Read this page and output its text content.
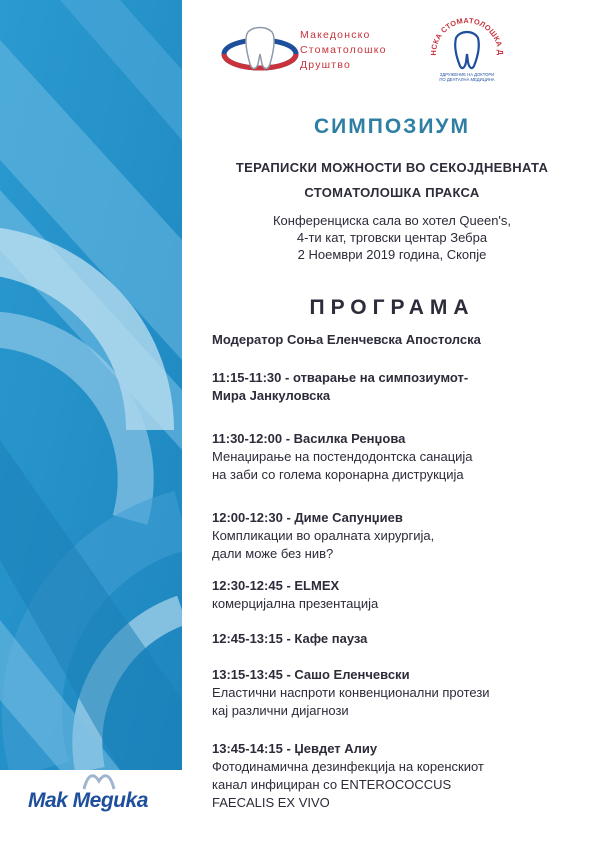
Mak Meguka
Македонско
Стоматолошко
Друштво
НСКА СТОМАТОЛОШКА Д
ЗДРУЖЕНИЕ НА ДОКТОРИ
ПО ДЕНТАЛНА МЕДИЦИНА
СИМПОЗИУМ
ТЕРАПИСКИ МОЖНОСТИ ВО СЕКОЈДНЕВНАТА
СТОМАТОЛОШКА ПРАКСА
Конференциска сала во хотел Queen's,
4-ти кат, трговски центар Зебра
2 Ноември 2019 година, Скопје
ПРОГРАМА
Модератор Соња Еленчевска Апостолска
11:15-11:30 - отварање на симпозиумот-
Мира Јанкуловска
11:30-12:00 - Василка Ренџова
Менаџирање на постендодонтска санација
на заби со голема коронарна диструкција
12:00-12:30 - Диме Сапунџиев
Компликации во оралната хирургија,
дали може без нив?
12:30-12:45 - ELMEX
комерцијална презентација
12:45-13:15 - Кафе пауза
13:15-13:45 - Сашо Еленчевски
Еластични наспроти конвенционални протези
кај различни дијагнози
13:45-14:15 - Џевдет Алиу
Фотодинамична дезинфекција на коренскиот
канал инфициран со ENTEROCOCCUS
FAECALIS EX VIVO
